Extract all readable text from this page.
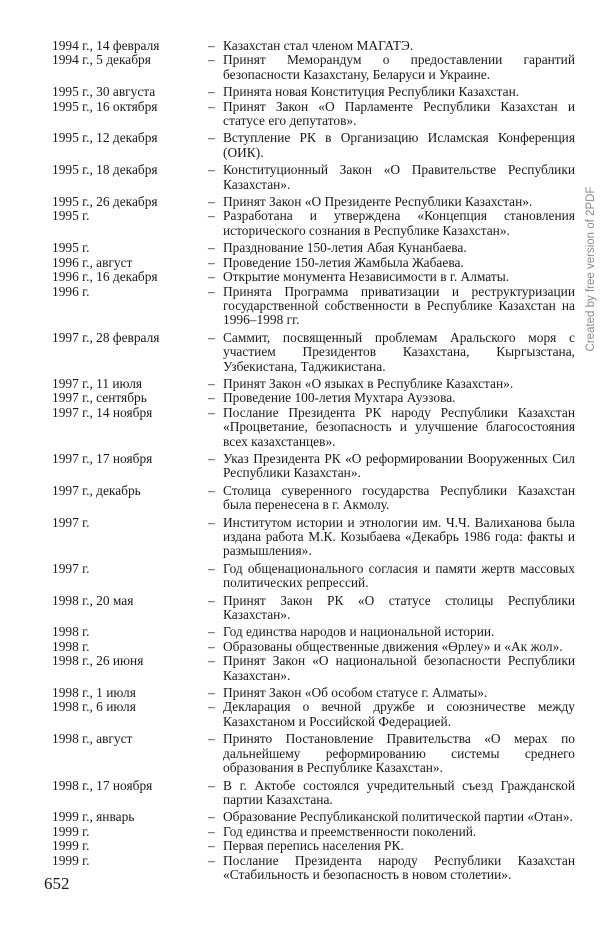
1994 г., 14 февраля	– Казахстан стал членом МАГАТЭ.
1994 г., 5 декабря	– Принят Меморандум о предоставлении гарантий безопасности Казахстану, Беларуси и Украине.
1995 г., 30 августа	– Принята новая Конституция Республики Казахстан.
1995 г., 16 октября	– Принят Закон «О Парламенте Республики Казахстан и статусе его депутатов».
1995 г., 12 декабря	– Вступление РК в Организацию Исламская Конференция (ОИК).
1995 г., 18 декабря	– Конституционный Закон «О Правительстве Республики Казахстан».
1995 г., 26 декабря	– Принят Закон «О Президенте Республики Казахстан».
1995 г.	– Разработана и утверждена «Концепция становления исторического сознания в Республике Казахстан».
1995 г.	– Празднование 150-летия Абая Кунанбаева.
1996 г., август	– Проведение 150-летия Жамбыла Жабаева.
1996 г., 16 декабря	– Открытие монумента Независимости в г. Алматы.
1996 г.	– Принята Программа приватизации и реструктуризации государственной собственности в Республике Казахстан на 1996–1998 гг.
1997 г., 28 февраля	– Саммит, посвященный проблемам Аральского моря с участием Президентов Казахстана, Кыргызстана, Узбекистана, Таджикистана.
1997 г., 11 июля	– Принят Закон «О языках в Республике Казахстан».
1997 г., сентябрь	– Проведение 100-летия Мухтара Ауэзова.
1997 г., 14 ноября	– Послание Президента РК народу Республики Казахстан «Процветание, безопасность и улучшение благосостояния всех казахстанцев».
1997 г., 17 ноября	– Указ Президента РК «О реформировании Вооруженных Сил Республики Казахстан».
1997 г., декабрь	– Столица суверенного государства Республики Казахстан была перенесена в г. Акмолу.
1997 г.	– Институтом истории и этнологии им. Ч.Ч. Валиханова была издана работа М.К. Козыбаева «Декабрь 1986 года: факты и размышления».
1997 г.	– Год общенационального согласия и памяти жертв массовых политических репрессий.
1998 г., 20 мая	– Принят Закон РК «О статусе столицы Республики Казахстан».
1998 г.	– Год единства народов и национальной истории.
1998 г.	– Образованы общественные движения «Өрлеу» и «Ак жол».
1998 г., 26 июня	– Принят Закон «О национальной безопасности Республики Казахстан».
1998 г., 1 июля	– Принят Закон «Об особом статусе г. Алматы».
1998 г., 6 июля	– Декларация о вечной дружбе и союзничестве между Казахстаном и Российской Федерацией.
1998 г., август	– Принято Постановление Правительства «О мерах по дальнейшему реформированию системы среднего образования в Республике Казахстан».
1998 г., 17 ноября	– В г. Актобе состоялся учредительный съезд Гражданской партии Казахстана.
1999 г., январь	– Образование Республиканской политической партии «Отан».
1999 г.	– Год единства и преемственности поколений.
1999 г.	– Первая перепись населения РК.
1999 г.	– Послание Президента народу Республики Казахстан «Стабильность и безопасность в новом столетии».
652
Created by free version of 2PDF
